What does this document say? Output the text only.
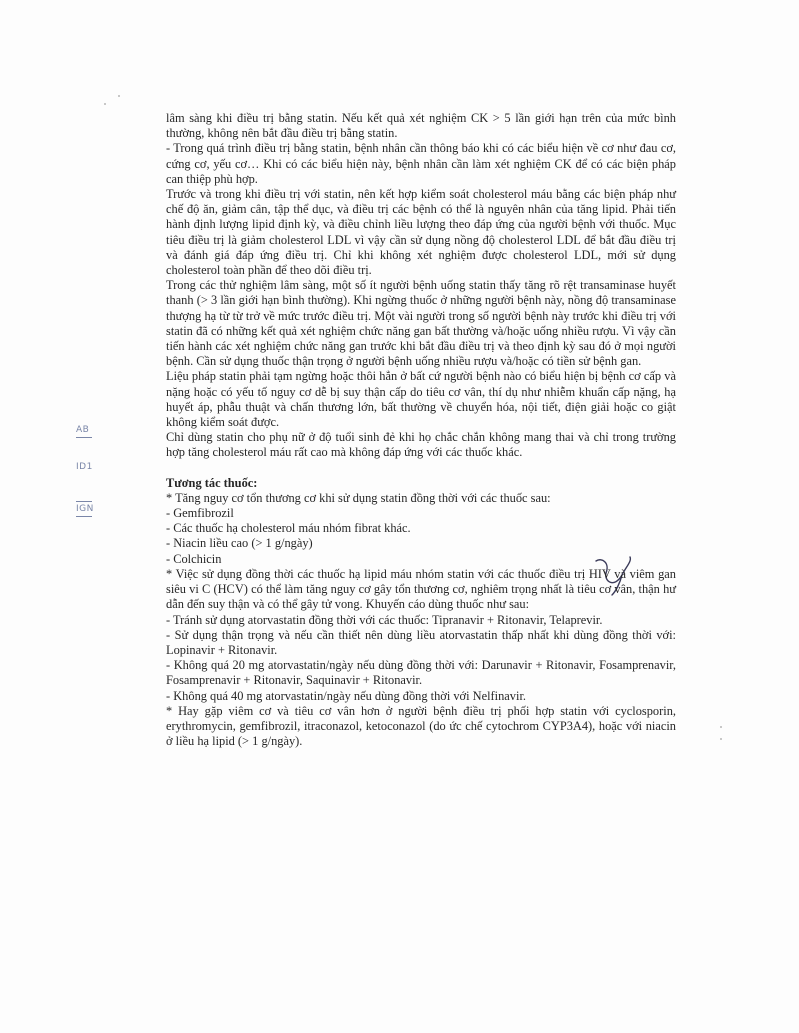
AB
ID1
IGN

lâm sàng khi điều trị bằng statin. Nếu kết quả xét nghiệm CK > 5 lần giới hạn trên của mức bình thường, không nên bắt đầu điều trị bằng statin.

- Trong quá trình điều trị bằng statin, bệnh nhân cần thông báo khi có các biểu hiện về cơ như đau cơ, cứng cơ, yếu cơ… Khi có các biểu hiện này, bệnh nhân cần làm xét nghiệm CK để có các biện pháp can thiệp phù hợp.

Trước và trong khi điều trị với statin, nên kết hợp kiểm soát cholesterol máu bằng các biện pháp như chế độ ăn, giảm cân, tập thể dục, và điều trị các bệnh có thể là nguyên nhân của tăng lipid. Phải tiến hành định lượng lipid định kỳ, và điều chỉnh liều lượng theo đáp ứng của người bệnh với thuốc. Mục tiêu điều trị là giảm cholesterol LDL vì vậy cần sử dụng nồng độ cholesterol LDL để bắt đầu điều trị và đánh giá đáp ứng điều trị. Chỉ khi không xét nghiệm được cholesterol LDL, mới sử dụng cholesterol toàn phần để theo dõi điều trị.

Trong các thử nghiệm lâm sàng, một số ít người bệnh uống statin thấy tăng rõ rệt transaminase huyết thanh (> 3 lần giới hạn bình thường). Khi ngừng thuốc ở những người bệnh này, nồng độ transaminase thượng hạ từ từ trở về mức trước điều trị. Một vài người trong số người bệnh này trước khi điều trị với statin đã có những kết quả xét nghiệm chức năng gan bất thường và/hoặc uống nhiều rượu. Vì vậy cần tiến hành các xét nghiệm chức năng gan trước khi bắt đầu điều trị và theo định kỳ sau đó ở mọi người bệnh. Cần sử dụng thuốc thận trọng ở người bệnh uống nhiều rượu và/hoặc có tiền sử bệnh gan.

Liệu pháp statin phải tạm ngừng hoặc thôi hẳn ở bất cứ người bệnh nào có biểu hiện bị bệnh cơ cấp và nặng hoặc có yếu tố nguy cơ dễ bị suy thận cấp do tiêu cơ vân, thí dụ như nhiễm khuẩn cấp nặng, hạ huyết áp, phẫu thuật và chấn thương lớn, bất thường về chuyển hóa, nội tiết, điện giải hoặc co giật không kiểm soát được.

Chỉ dùng statin cho phụ nữ ở độ tuổi sinh đẻ khi họ chắc chắn không mang thai và chỉ trong trường hợp tăng cholesterol máu rất cao mà không đáp ứng với các thuốc khác.

Tương tác thuốc:

* Tăng nguy cơ tổn thương cơ khi sử dụng statin đồng thời với các thuốc sau:

- Gemfibrozil

- Các thuốc hạ cholesterol máu nhóm fibrat khác.

- Niacin liều cao (> 1 g/ngày)

- Colchicin

* Việc sử dụng đồng thời các thuốc hạ lipid máu nhóm statin với các thuốc điều trị HIV và viêm gan siêu vi C (HCV) có thể làm tăng nguy cơ gây tổn thương cơ, nghiêm trọng nhất là tiêu cơ vân, thận hư dẫn đến suy thận và có thể gây tử vong. Khuyến cáo dùng thuốc như sau:

- Tránh sử dụng atorvastatin đồng thời với các thuốc: Tipranavir + Ritonavir, Telaprevir.

- Sử dụng thận trọng và nếu cần thiết nên dùng liều atorvastatin thấp nhất khi dùng đồng thời với: Lopinavir + Ritonavir.

- Không quá 20 mg atorvastatin/ngày nếu dùng đồng thời với: Darunavir + Ritonavir, Fosamprenavir, Fosamprenavir + Ritonavir, Saquinavir + Ritonavir.

- Không quá 40 mg atorvastatin/ngày nếu dùng đồng thời với Nelfinavir.

* Hay gặp viêm cơ và tiêu cơ vân hơn ở người bệnh điều trị phối hợp statin với cyclosporin, erythromycin, gemfibrozil, itraconazol, ketoconazol (do ức chế cytochrom CYP3A4), hoặc với niacin ở liều hạ lipid (> 1 g/ngày).
